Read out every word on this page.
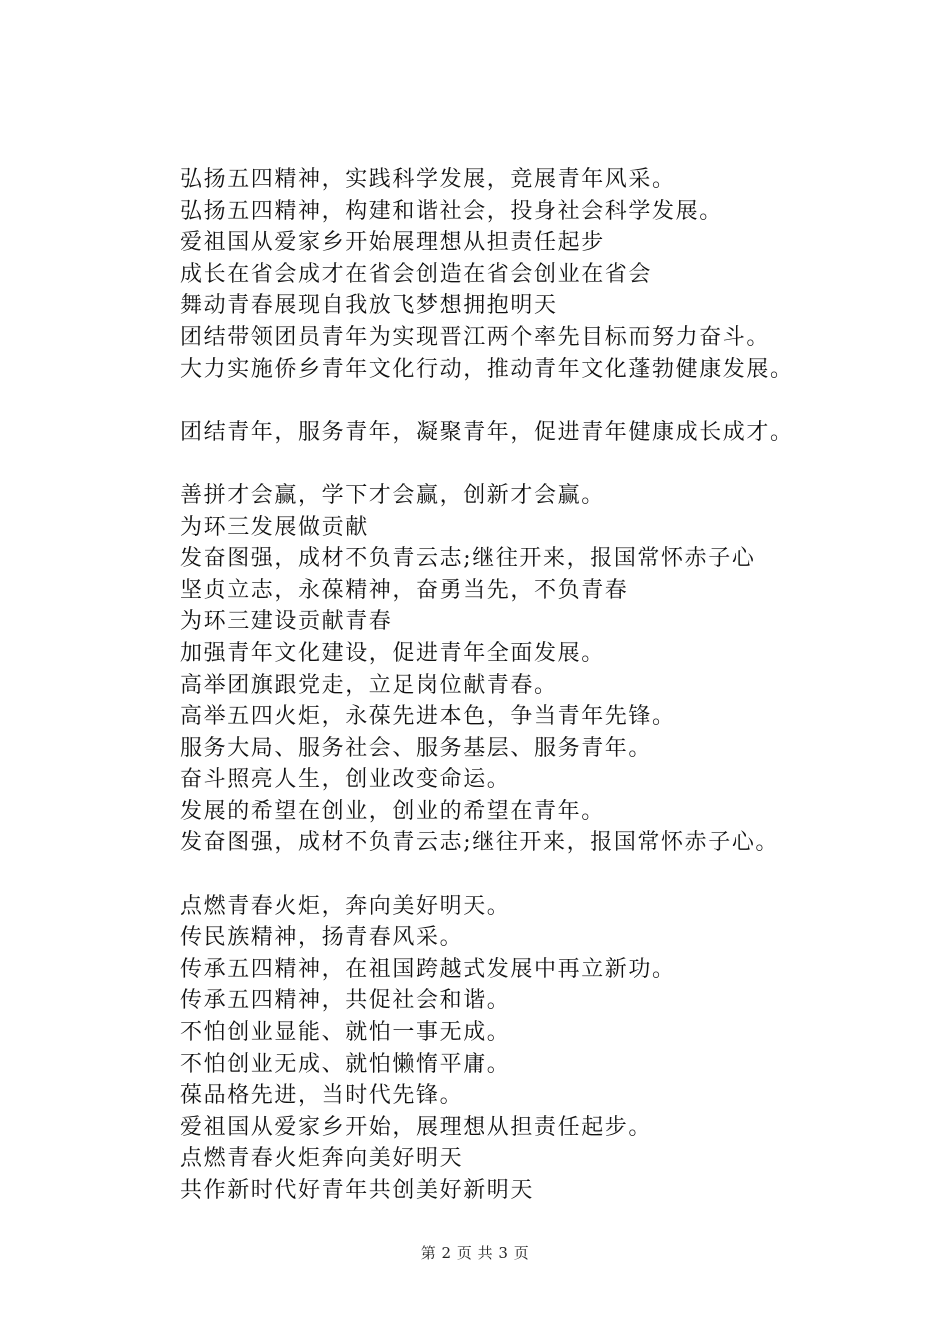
弘扬五四精神，实践科学发展，竞展青年风采。
弘扬五四精神，构建和谐社会，投身社会科学发展。
爱祖国从爱家乡开始展理想从担责任起步
成长在省会成才在省会创造在省会创业在省会
舞动青春展现自我放飞梦想拥抱明天
团结带领团员青年为实现晋江两个率先目标而努力奋斗。
大力实施侨乡青年文化行动，推动青年文化蓬勃健康发展。
团结青年，服务青年，凝聚青年，促进青年健康成长成才。
善拼才会赢，学下才会赢，创新才会赢。
为环三发展做贡献
发奋图强，成材不负青云志;继往开来，报国常怀赤子心
坚贞立志，永葆精神，奋勇当先，不负青春
为环三建设贡献青春
加强青年文化建设，促进青年全面发展。
高举团旗跟党走，立足岗位献青春。
高举五四火炬，永葆先进本色，争当青年先锋。
服务大局、服务社会、服务基层、服务青年。
奋斗照亮人生，创业改变命运。
发展的希望在创业，创业的希望在青年。
发奋图强，成材不负青云志;继往开来，报国常怀赤子心。
点燃青春火炬，奔向美好明天。
传民族精神，扬青春风采。
传承五四精神，在祖国跨越式发展中再立新功。
传承五四精神，共促社会和谐。
不怕创业显能、就怕一事无成。
不怕创业无成、就怕懒惰平庸。
葆品格先进，当时代先锋。
爱祖国从爱家乡开始，展理想从担责任起步。
点燃青春火炬奔向美好明天
共作新时代好青年共创美好新明天
第 2 页 共 3 页
